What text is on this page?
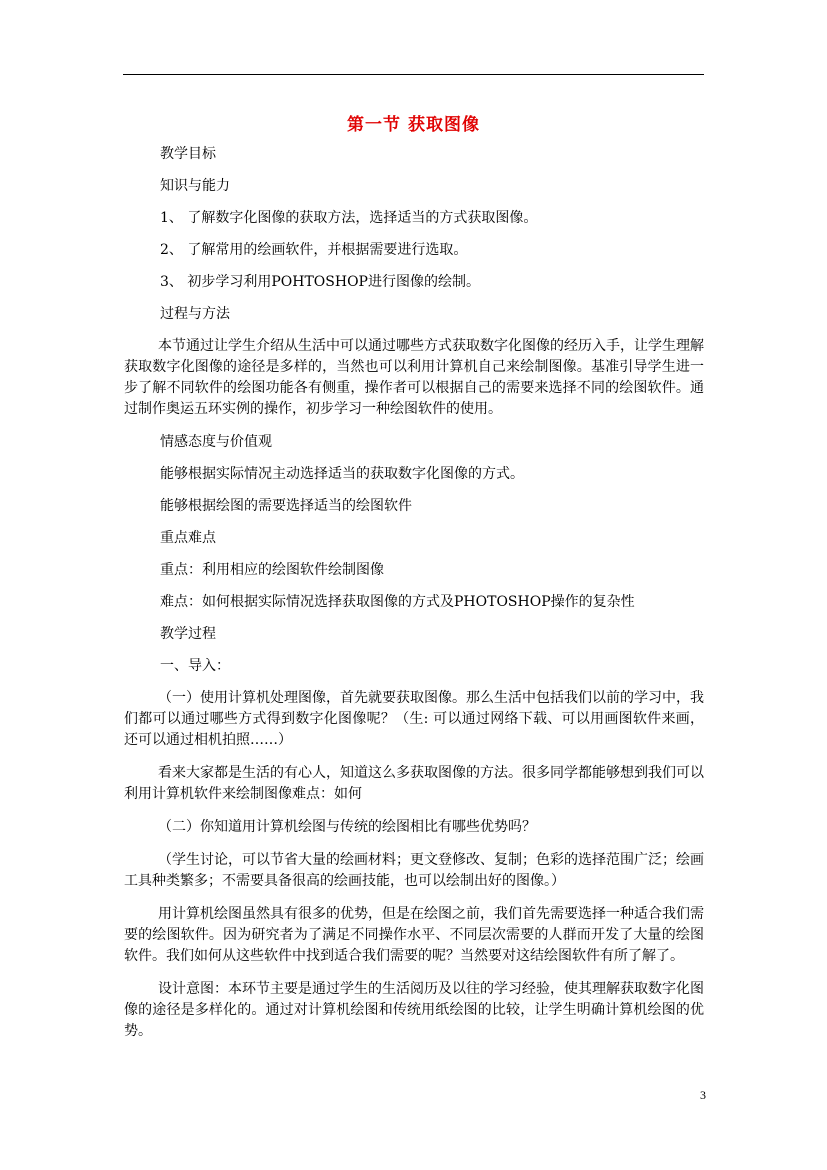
第一节 获取图像

教学目标

知识与能力

1、 了解数字化图像的获取方法，选择适当的方式获取图像。

2、 了解常用的绘画软件，并根据需要进行选取。

3、 初步学习利用POHTOSHOP进行图像的绘制。

过程与方法

本节通过让学生介绍从生活中可以通过哪些方式获取数字化图像的经历入手，让学生理解获取数字化图像的途径是多样的，当然也可以利用计算机自己来绘制图像。基准引导学生进一步了解不同软件的绘图功能各有侧重，操作者可以根据自己的需要来选择不同的绘图软件。通过制作奥运五环实例的操作，初步学习一种绘图软件的使用。

情感态度与价值观

能够根据实际情况主动选择适当的获取数字化图像的方式。

能够根据绘图的需要选择适当的绘图软件

重点难点

重点：利用相应的绘图软件绘制图像

难点：如何根据实际情况选择获取图像的方式及PHOTOSHOP操作的复杂性

教学过程

一、导入：

（一）使用计算机处理图像，首先就要获取图像。那么生活中包括我们以前的学习中，我们都可以通过哪些方式得到数字化图像呢？（生: 可以通过网络下载、可以用画图软件来画，还可以通过相机拍照……）

看来大家都是生活的有心人，知道这么多获取图像的方法。很多同学都能够想到我们可以利用计算机软件来绘制图像难点：如何

（二）你知道用计算机绘图与传统的绘图相比有哪些优势吗？

（学生讨论，可以节省大量的绘画材料；更文登修改、复制；色彩的选择范围广泛；绘画工具种类繁多；不需要具备很高的绘画技能，也可以绘制出好的图像。）

用计算机绘图虽然具有很多的优势，但是在绘图之前，我们首先需要选择一种适合我们需要的绘图软件。因为研究者为了满足不同操作水平、不同层次需要的人群而开发了大量的绘图软件。我们如何从这些软件中找到适合我们需要的呢？当然要对这结绘图软件有所了解了。

设计意图：本环节主要是通过学生的生活阅历及以往的学习经验，使其理解获取数字化图像的途径是多样化的。通过对计算机绘图和传统用纸绘图的比较，让学生明确计算机绘图的优势。

3
